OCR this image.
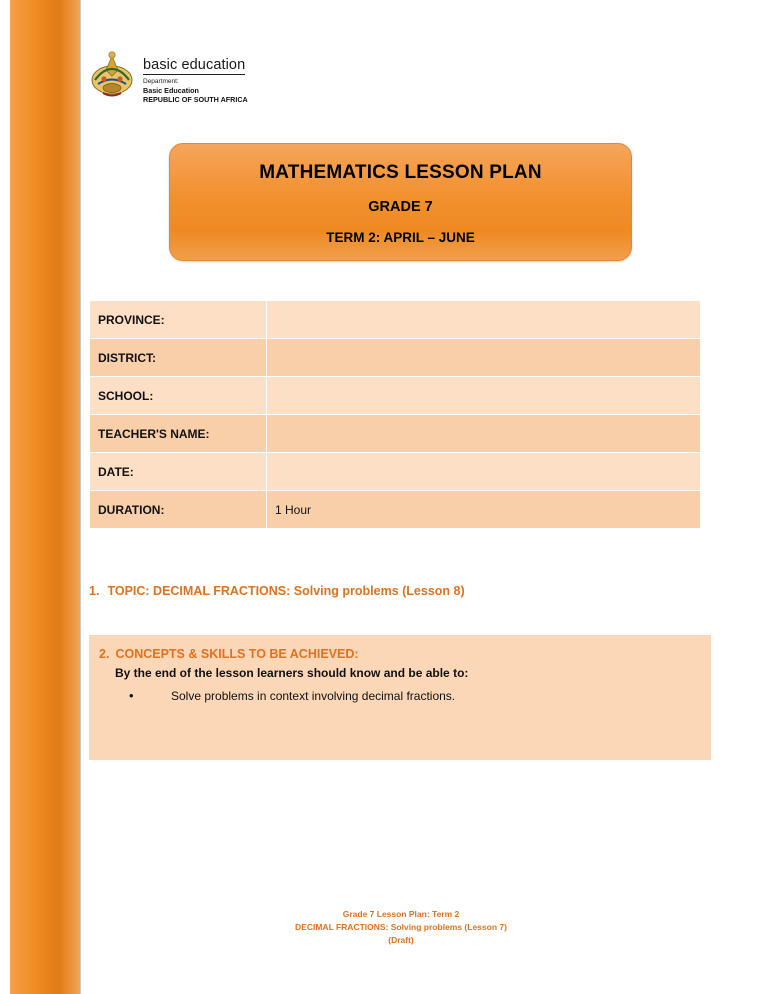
basic education
Department:
Basic Education
REPUBLIC OF SOUTH AFRICA
MATHEMATICS LESSON PLAN
GRADE 7
TERM 2: APRIL – JUNE
PROVINCE:	
DISTRICT:	
SCHOOL:	
TEACHER'S NAME:	
DATE:	
DURATION:	1 Hour
1. TOPIC: DECIMAL FRACTIONS: Solving problems (Lesson 8)
2. CONCEPTS & SKILLS TO BE ACHIEVED:
By the end of the lesson learners should know and be able to:
• Solve problems in context involving decimal fractions.
Grade 7 Lesson Plan: Term 2
DECIMAL FRACTIONS: Solving problems (Lesson 7)
(Draft)
